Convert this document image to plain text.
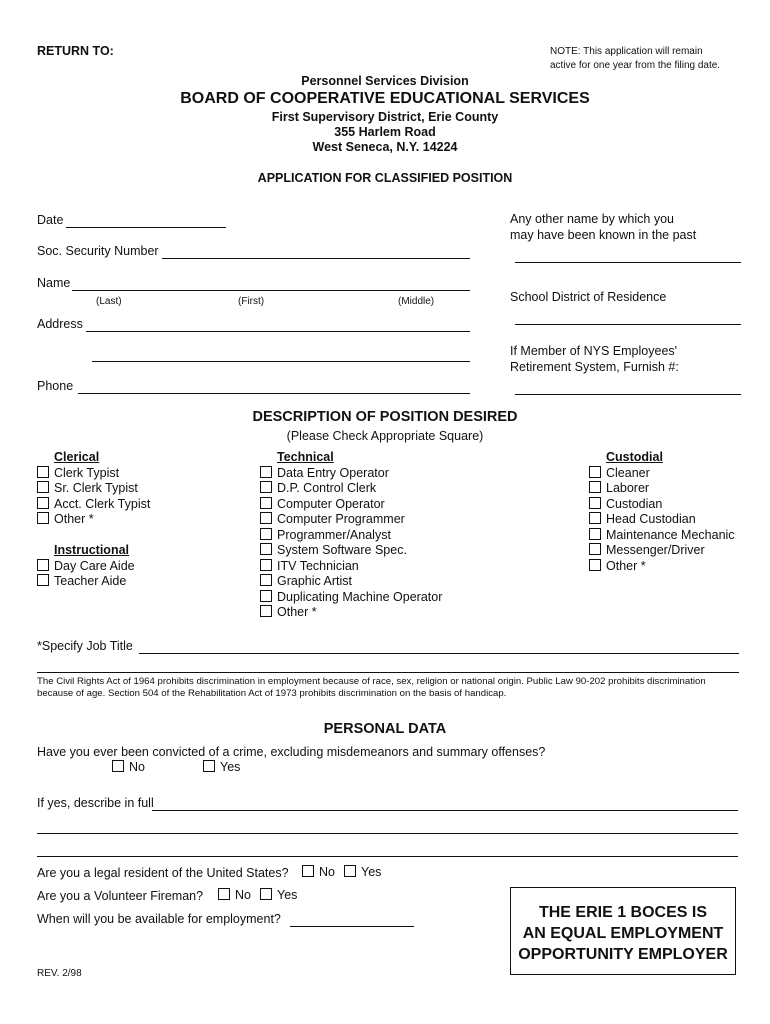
RETURN TO:	NOTE: This application will remain
active for one year from the filing date.
Personnel Services Division
BOARD OF COOPERATIVE EDUCATIONAL SERVICES
First Supervisory District, Erie County
355 Harlem Road
West Seneca, N.Y. 14224
APPLICATION FOR CLASSIFIED POSITION
Date
Soc. Security Number
Name
(Last)	(First)	(Middle)
Address
Phone
Any other name by which you
may have been known in the past
School District of Residence
If Member of NYS Employees'
Retirement System, Furnish #:
DESCRIPTION OF POSITION DESIRED
(Please Check Appropriate Square)
Clerical
Clerk Typist
Sr. Clerk Typist
Acct. Clerk Typist
Other *
Instructional
Day Care Aide
Teacher Aide
Technical
Data Entry Operator
D.P. Control Clerk
Computer Operator
Computer Programmer
Programmer/Analyst
System Software Spec.
ITV Technician
Graphic Artist
Duplicating Machine Operator
Other *
Custodial
Cleaner
Laborer
Custodian
Head Custodian
Maintenance Mechanic
Messenger/Driver
Other *
*Specify Job Title
The Civil Rights Act of 1964 prohibits discrimination in employment because of race, sex, religion or national origin. Public Law 90-202 prohibits discrimination
because of age. Section 504 of the Rehabilitation Act of 1973 prohibits discrimination on the basis of handicap.
PERSONAL DATA
Have you ever been convicted of a crime, excluding misdemeanors and summary offenses?
No	Yes
If yes, describe in full
Are you a legal resident of the United States?	No	Yes
Are you a Volunteer Fireman?	No	Yes
When will you be available for employment?	THE ERIE 1 BOCES IS
AN EQUAL EMPLOYMENT
OPPORTUNITY EMPLOYER
REV. 2/98
